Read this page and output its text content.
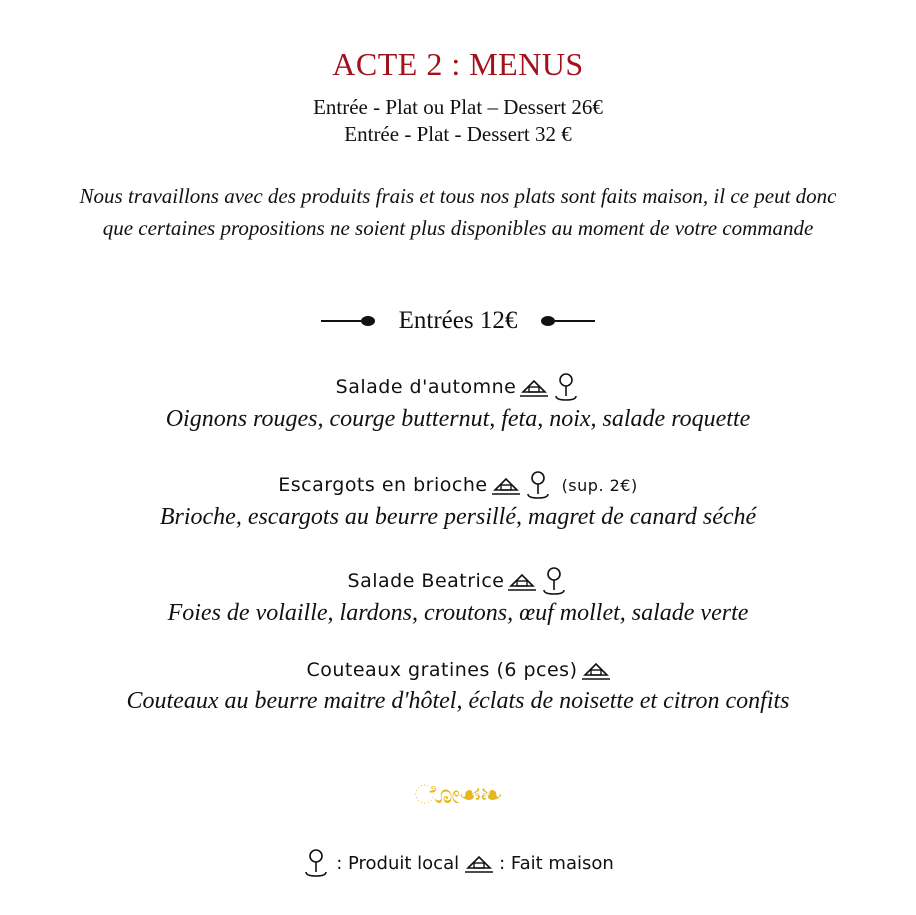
ACTE 2 : MENUS
Entrée - Plat ou Plat – Dessert 26€
Entrée - Plat - Dessert 32 €
Nous travaillons avec des produits frais et tous nos plats sont faits maison, il ce peut donc que certaines propositions ne soient plus disponibles au moment de votre commande
Entrées 12€
Salade d'automne
Oignons rouges, courge butternut, feta, noix, salade roquette
Escargots en brioche	(sup. 2€)
Brioche, escargots au beurre persillé, magret de canard séché
Salade Beatrice
Foies de volaille, lardons, croutons, œuf mollet, salade verte
Couteaux gratines (6 pces)
Couteaux au beurre maitre d'hôtel, éclats de noisette et citron confits
ೋ☙❧
: Produit local : Fait maison
